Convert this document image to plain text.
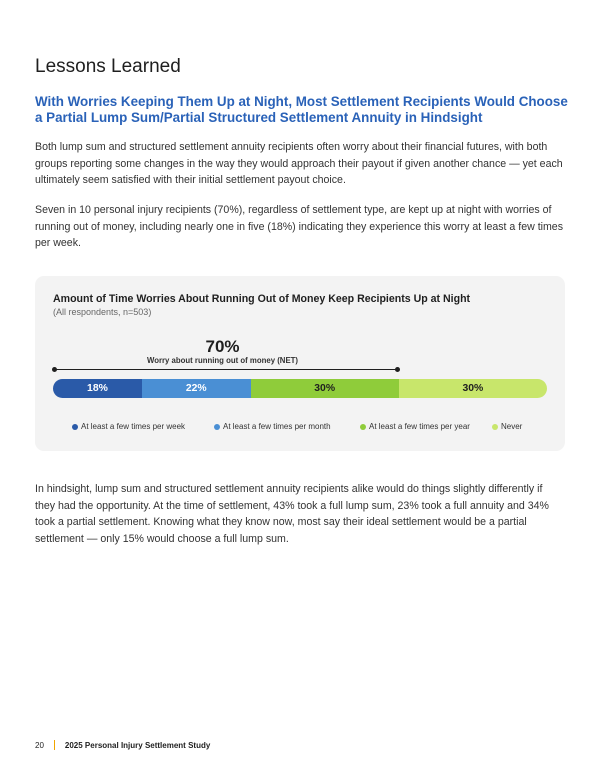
Lessons Learned
With Worries Keeping Them Up at Night, Most Settlement Recipients Would Choose a Partial Lump Sum/Partial Structured Settlement Annuity in Hindsight

Both lump sum and structured settlement annuity recipients often worry about their financial futures, with both groups reporting some changes in the way they would approach their payout if given another chance — yet each ultimately seem satisfied with their initial settlement payout choice.

Seven in 10 personal injury recipients (70%), regardless of settlement type, are kept up at night with worries of running out of money, including nearly one in five (18%) indicating they experience this worry at least a few times per week.

Amount of Time Worries About Running Out of Money Keep Recipients Up at Night
(All respondents, n=503)
70%
Worry about running out of money (NET)
18%	22%	30%	30%
At least a few times per week	At least a few times per month	At least a few times per year	Never

In hindsight, lump sum and structured settlement annuity recipients alike would do things slightly differently if they had the opportunity. At the time of settlement, 43% took a full lump sum, 23% took a full annuity and 34% took a partial settlement. Knowing what they know now, most say their ideal settlement would be a partial settlement — only 15% would choose a full lump sum.

20	2025 Personal Injury Settlement Study
